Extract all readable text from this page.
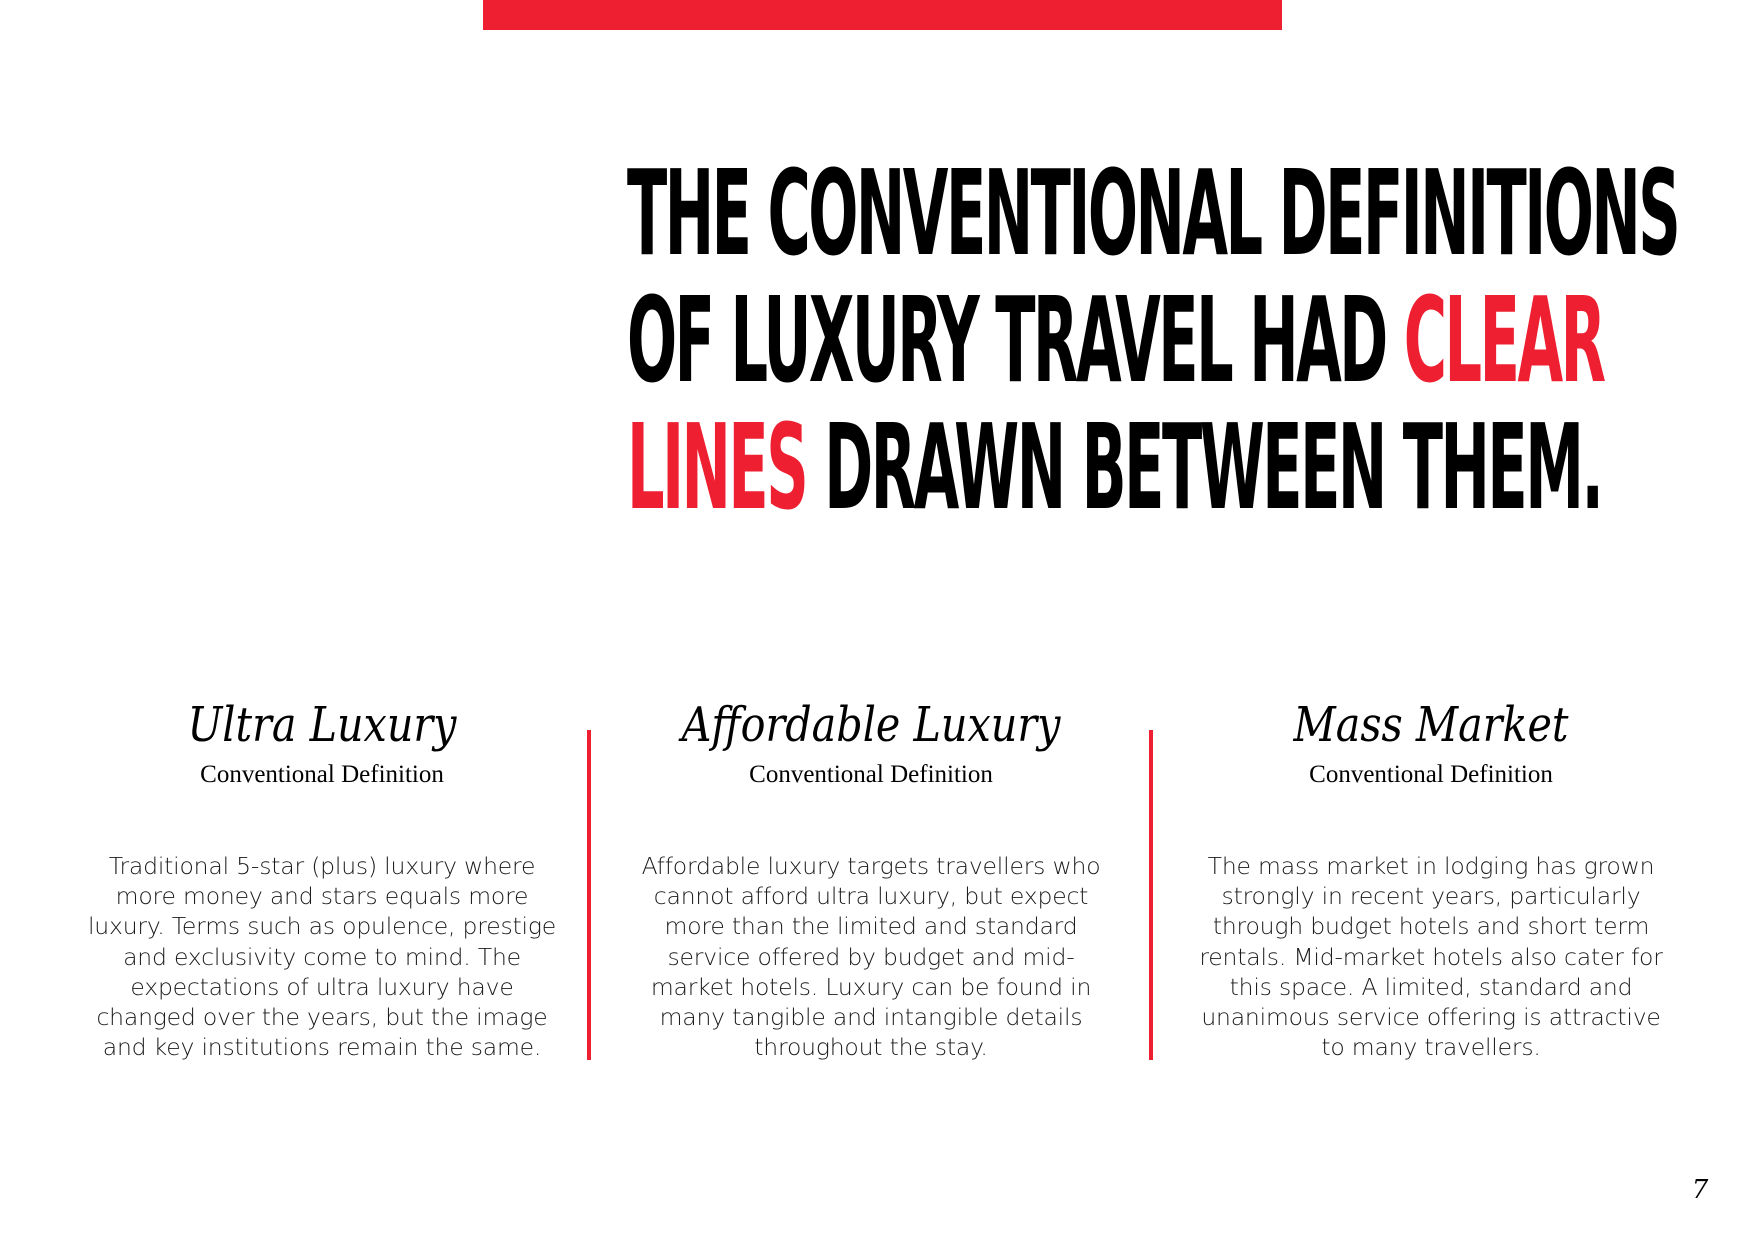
THE CONVENTIONAL DEFINITIONS
OF LUXURY TRAVEL HAD CLEAR
LINES DRAWN BETWEEN THEM.
Ultra Luxury
Conventional Definition
Traditional 5-star (plus) luxury where more money and stars equals more luxury. Terms such as opulence, prestige and exclusivity come to mind. The expectations of ultra luxury have changed over the years, but the image and key institutions remain the same.
Affordable Luxury
Conventional Definition
Affordable luxury targets travellers who cannot afford ultra luxury, but expect more than the limited and standard service offered by budget and mid-market hotels. Luxury can be found in many tangible and intangible details throughout the stay.
Mass Market
Conventional Definition
The mass market in lodging has grown strongly in recent years, particularly through budget hotels and short term rentals. Mid-market hotels also cater for this space. A limited, standard and unanimous service offering is attractive to many travellers.
7
